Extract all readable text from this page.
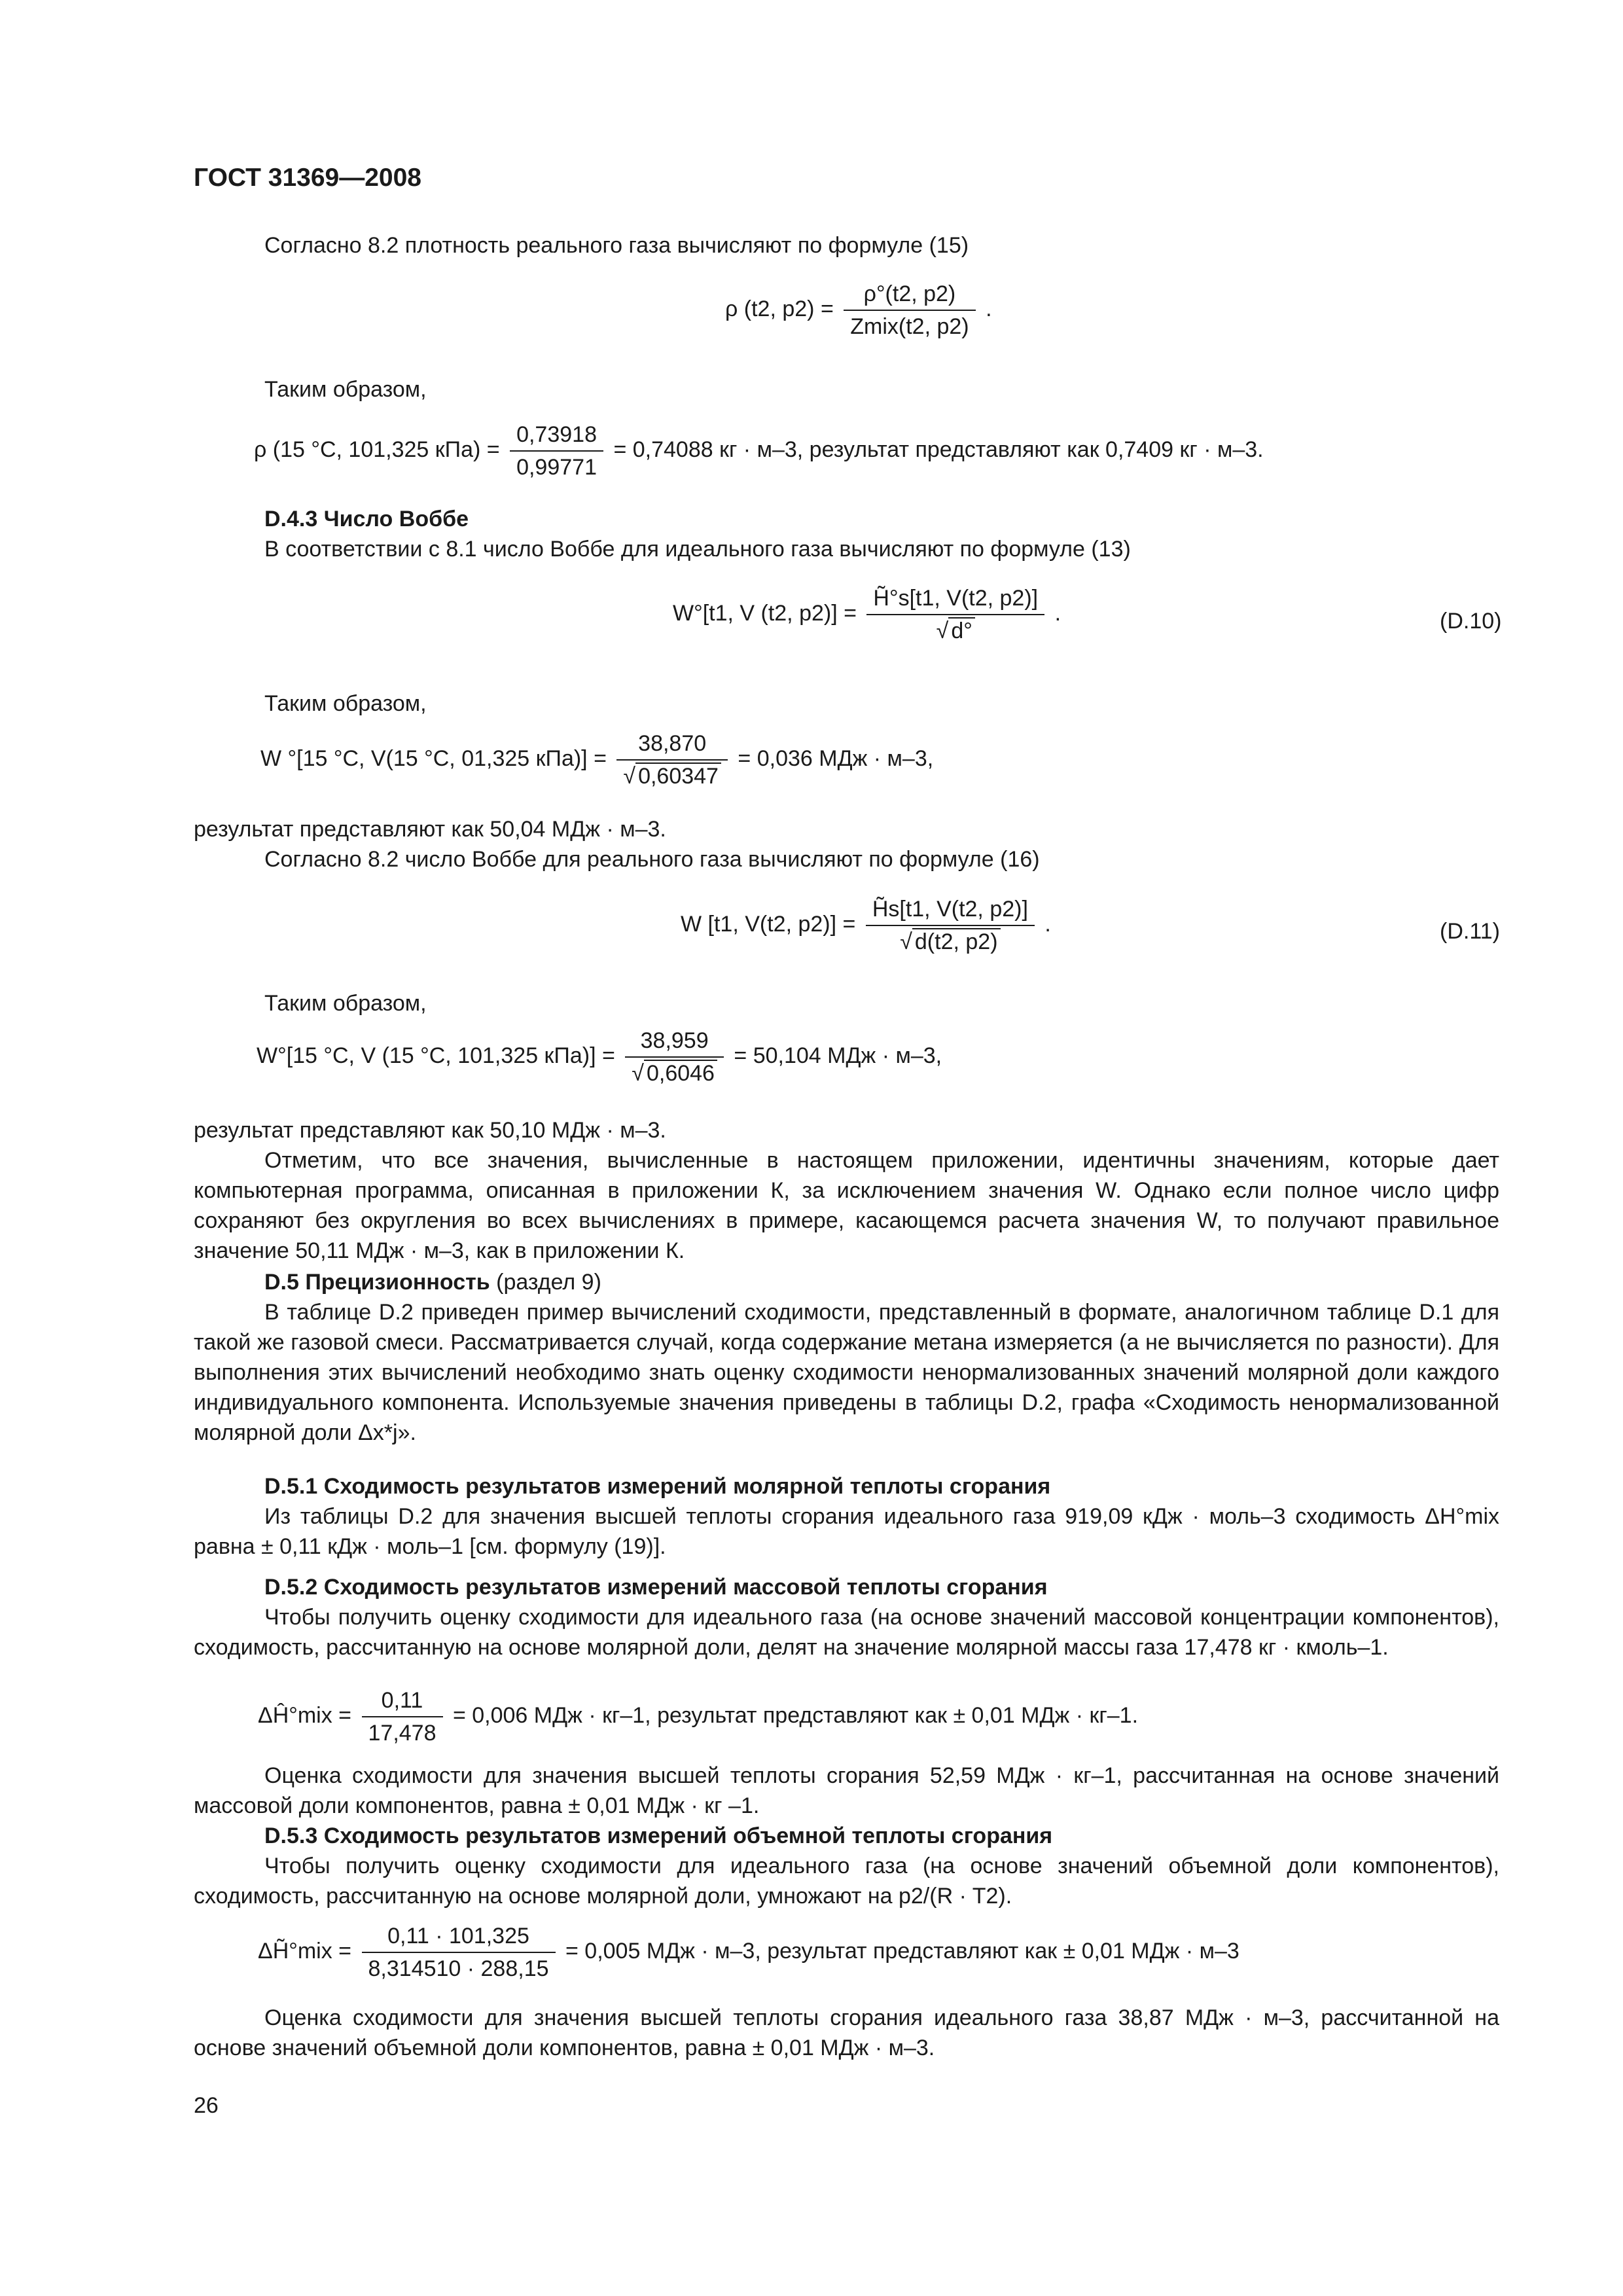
ГОСТ 31369—2008
Согласно 8.2 плотность реального газа вычисляют по формуле (15)
ρ (t2, $p2) = \frac{\rho^\circ(t2, p2)}{\text{Zmix(t2, p2)}}$ .
Таким образом,
ρ (15 °C, 101,325 $кПа) = \frac{0,73918}{0,99771} = 0,74088$ кг · м–3, результат представляют как 0,7409 кг · м–3.
D.4.3 Число Воббе
В соответствии с 8.1 число Воббе для идеального газа вычисляют по формуле (13)
W°[t1, V (t2, p2)] = H̃°s[t1, V(t2, p2)]
√ d° .	(D.10)
Таким образом,
W °[15 °C, V(15 °C, 01,325 кПа)] = 38,870
√ 0,60347 = 0,036 МДж · м–3,
результат представляют как 50,04 МДж · м–3.
Согласно 8.2 число Воббе для реального газа вычисляют по формуле (16)
W [t1, V(t2, p2)] = H̃s[t1, V(t2, p2)]
√ d(t2, p2) .	(D.11)
Таким образом,
W°[15 °C, V (15 °C, 101,325 кПа)] = 38,959
√ 0,6046 = 50,104 МДж · м–3,
результат представляют как 50,10 МДж · м–3.
Отметим, что все значения, вычисленные в настоящем приложении, идентичны значениям, которые дает компьютерная программа, описанная в приложении К, за исключением значения W. Однако если полное число цифр сохраняют без округления во всех вычислениях в примере, касающемся расчета значения W, то получают правильное значение 50,11 МДж · м–3, как в приложении К.
D.5 Прецизионность (раздел 9)
В таблице D.2 приведен пример вычислений сходимости, представленный в формате, аналогичном таблице D.1 для такой же газовой смеси. Рассматривается случай, когда содержание метана измеряется (а не вычисляется по разности). Для выполнения этих вычислений необходимо знать оценку сходимости ненормализованных значений молярной доли каждого индивидуального компонента. Используемые значения приведены в таблицы D.2, графа «Сходимость ненормализованной молярной доли Δx*j».
D.5.1 Сходимость результатов измерений молярной теплоты сгорания
Из таблицы D.2 для значения высшей теплоты сгорания идеального газа 919,09 кДж · моль–3 сходимость ΔH°mix равна ± 0,11 кДж · моль–1 [см. формулу (19)].
D.5.2 Сходимость результатов измерений массовой теплоты сгорания
Чтобы получить оценку сходимости для идеального газа (на основе значений массовой концентрации компонентов), сходимость, рассчитанную на основе молярной доли, делят на значение молярной массы газа 17,478 кг · кмоль–1.
ΔĤ°mix = $\frac{0,11}{17,478} = 0,006$ МДж · кг–1, результат представляют как ± 0,01 МДж · кг–1.
Оценка сходимости для значения высшей теплоты сгорания 52,59 МДж · кг–1, рассчитанная на основе значений массовой доли компонентов, равна ± 0,01 МДж · кг –1.
D.5.3 Сходимость результатов измерений объемной теплоты сгорания
Чтобы получить оценку сходимости для идеального газа (на основе значений объемной доли компонентов), сходимость, рассчитанную на основе молярной доли, умножают на p2/(R · T2).
ΔH̃°mix = $\frac{0,11 \cdot 101,325}{8,314510 \cdot 288,15} = 0,005$ МДж · м–3, результат представляют как ± 0,01 МДж · м–3
Оценка сходимости для значения высшей теплоты сгорания идеального газа 38,87 МДж · м–3, рассчитанной на основе значений объемной доли компонентов, равна ± 0,01 МДж · м–3.
26
